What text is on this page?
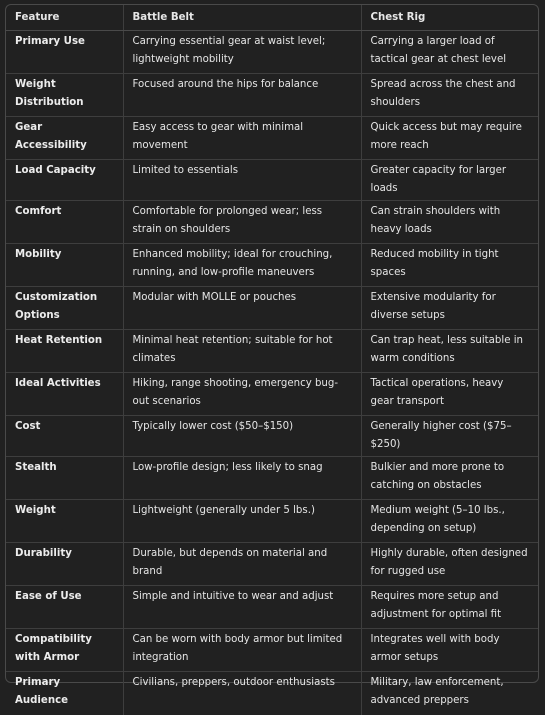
Feature	Battle Belt	Chest Rig
Primary Use	Carrying essential gear at waist level; lightweight mobility	Carrying a larger load of tactical gear at chest level
Weight Distribution	Focused around the hips for balance	Spread across the chest and shoulders
Gear Accessibility	Easy access to gear with minimal movement	Quick access but may require more reach
Load Capacity	Limited to essentials	Greater capacity for larger loads
Comfort	Comfortable for prolonged wear; less strain on shoulders	Can strain shoulders with heavy loads
Mobility	Enhanced mobility; ideal for crouching, running, and low-profile maneuvers	Reduced mobility in tight spaces
Customization Options	Modular with MOLLE or pouches	Extensive modularity for diverse setups
Heat Retention	Minimal heat retention; suitable for hot climates	Can trap heat, less suitable in warm conditions
Ideal Activities	Hiking, range shooting, emergency bug-out scenarios	Tactical operations, heavy gear transport
Cost	Typically lower cost ($50–$150)	Generally higher cost ($75–$250)
Stealth	Low-profile design; less likely to snag	Bulkier and more prone to catching on obstacles
Weight	Lightweight (generally under 5 lbs.)	Medium weight (5–10 lbs., depending on setup)
Durability	Durable, but depends on material and brand	Highly durable, often designed for rugged use
Ease of Use	Simple and intuitive to wear and adjust	Requires more setup and adjustment for optimal fit
Compatibility with Armor	Can be worn with body armor but limited integration	Integrates well with body armor setups
Primary Audience	Civilians, preppers, outdoor enthusiasts	Military, law enforcement, advanced preppers
